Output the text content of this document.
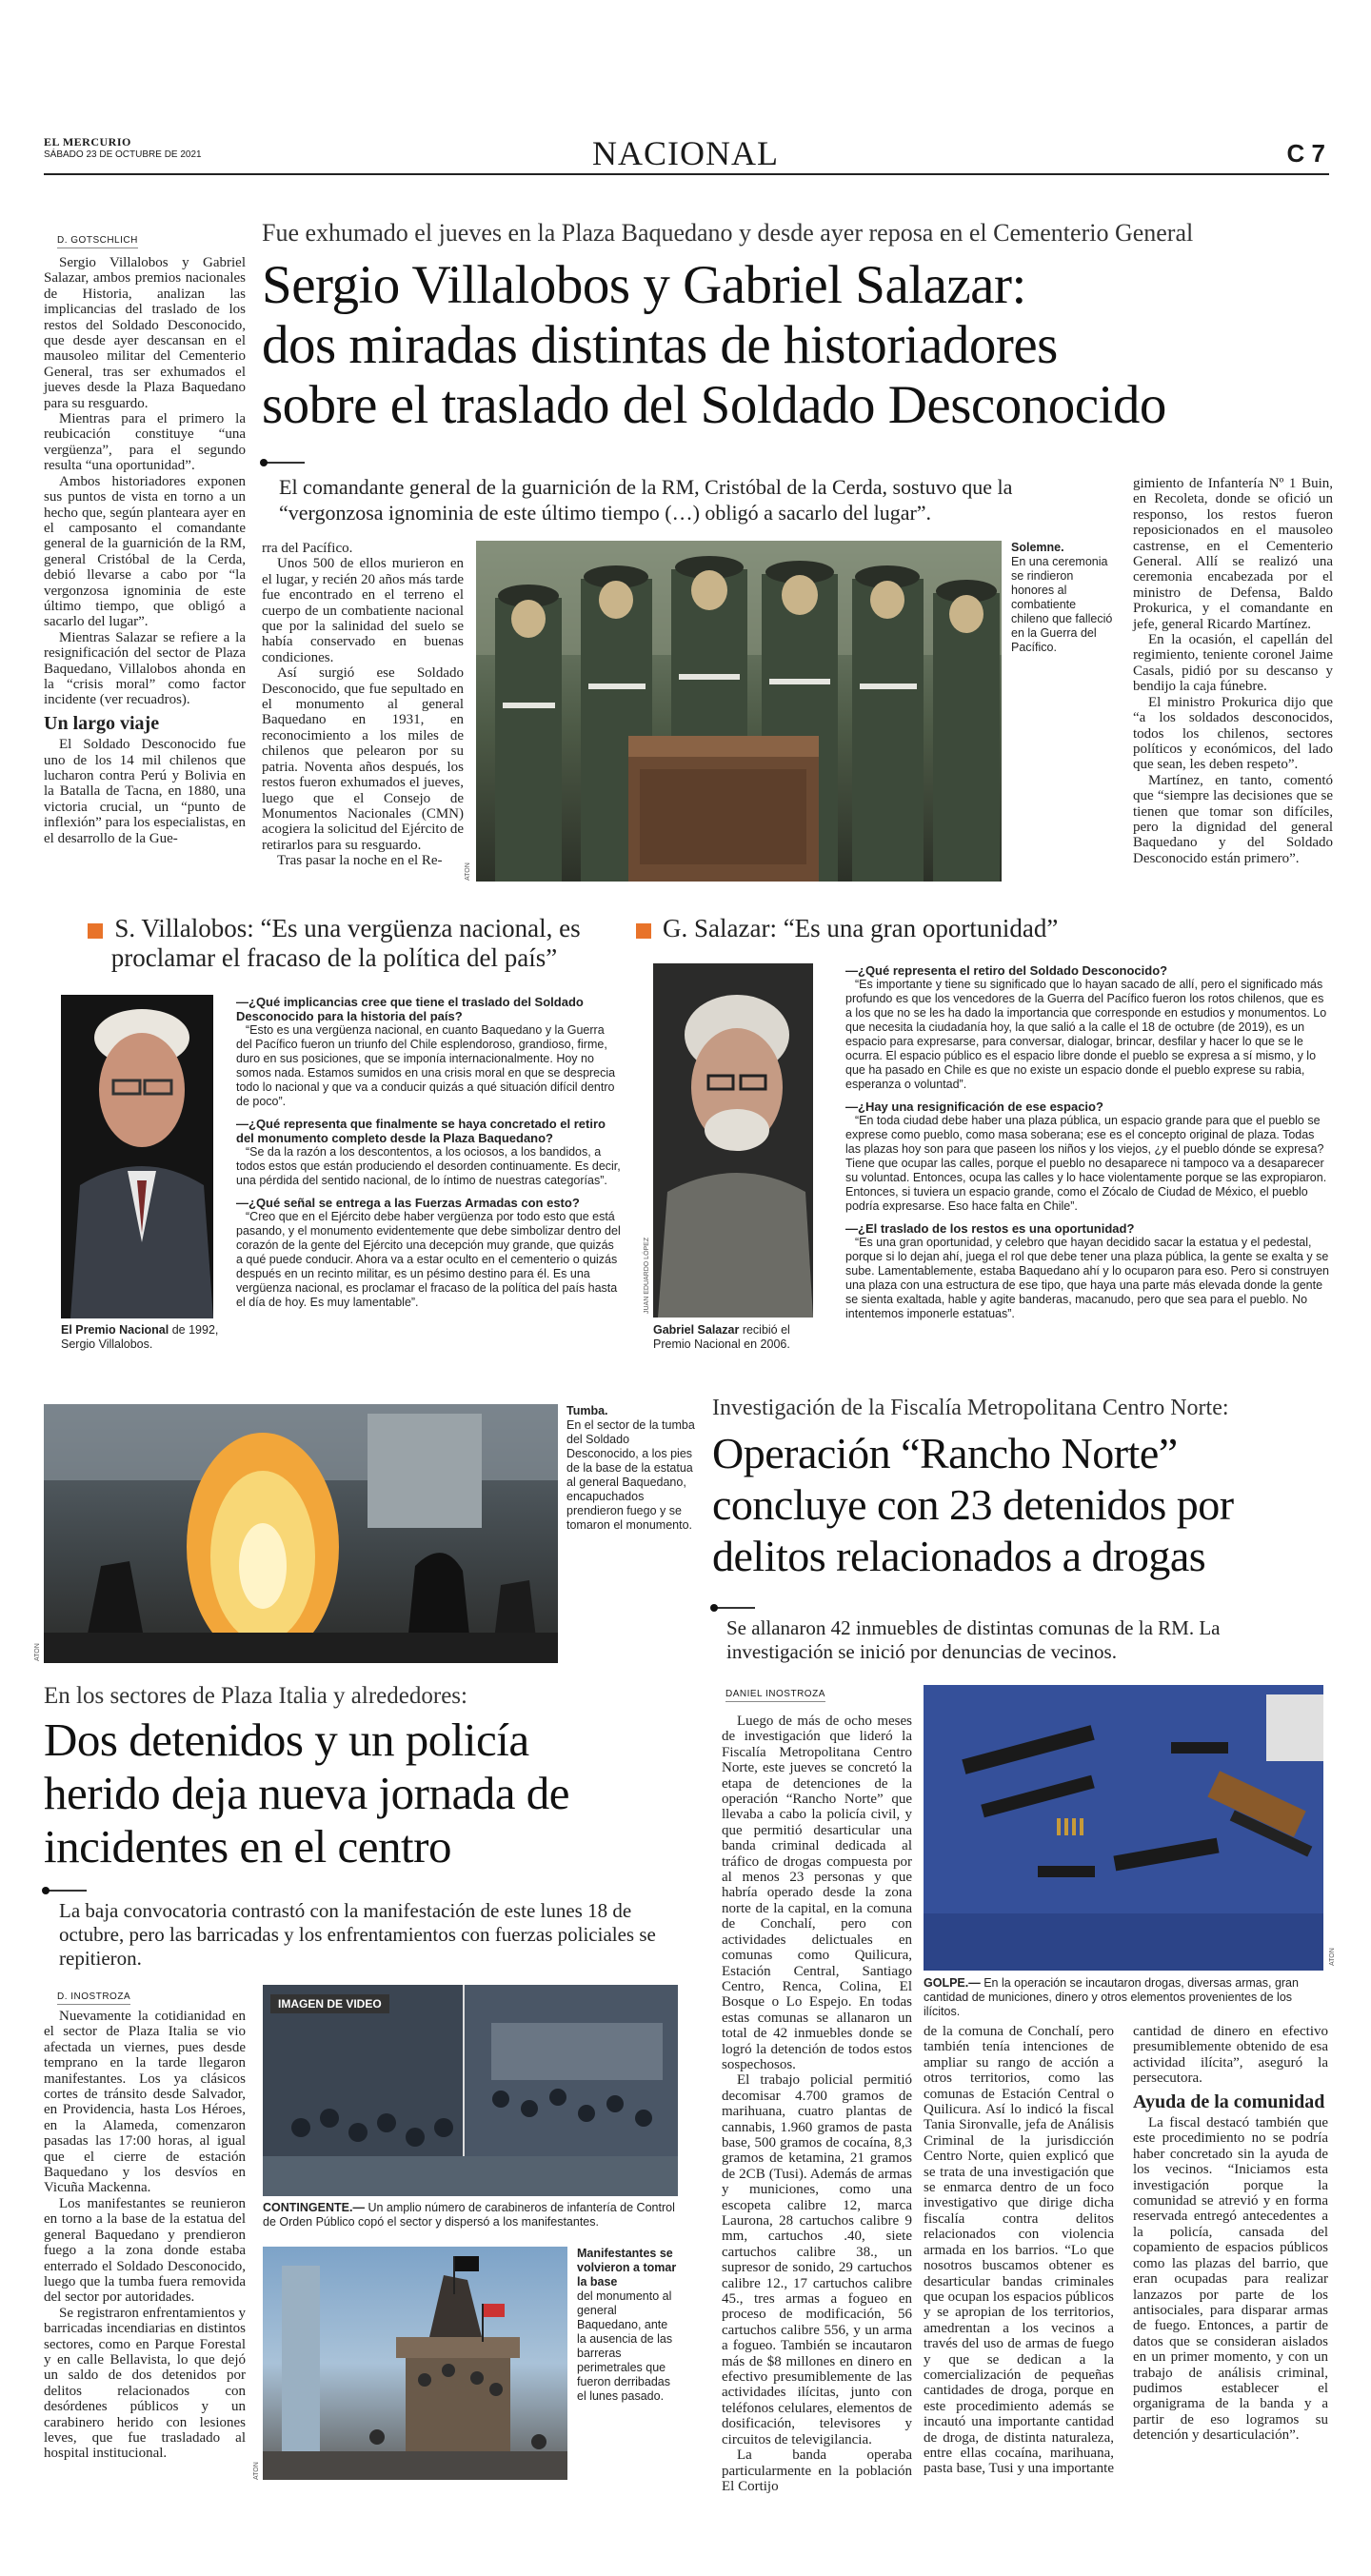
EL MERCURIO
SÁBADO 23 DE OCTUBRE DE 2021	NACIONAL	C 7
D. GOTSCHLICH

Sergio Villalobos y Gabriel Salazar, ambos premios nacionales de Historia, analizan las implicancias del traslado de los restos del Soldado Desconocido, que desde ayer descansan en el mausoleo militar del Cementerio General, tras ser exhumados el jueves desde la Plaza Baquedano para su resguardo.

Mientras para el primero la reubicación constituye “una vergüenza”, para el segundo resulta “una oportunidad”.

Ambos historiadores exponen sus puntos de vista en torno a un hecho que, según planteara ayer en el camposanto el comandante general de la guarnición de la RM, general Cristóbal de la Cerda, debió llevarse a cabo por “la vergonzosa ignominia de este último tiempo, que obligó a sacarlo del lugar”.

Mientras Salazar se refiere a la resignificación del sector de Plaza Baquedano, Villalobos ahonda en la “crisis moral” como factor incidente (ver recuadros).

Un largo viaje

El Soldado Desconocido fue uno de los 14 mil chilenos que lucharon contra Perú y Bolivia en la Batalla de Tacna, en 1880, una victoria crucial, un “punto de inflexión” para los especialistas, en el desarrollo de la Gue-

Fue exhumado el jueves en la Plaza Baquedano y desde ayer reposa en el Cementerio General
Sergio Villalobos y Gabriel Salazar:
dos miradas distintas de historiadores
sobre el traslado del Soldado Desconocido
El comandante general de la guarnición de la RM, Cristóbal de la Cerda, sostuvo que la “vergonzosa ignominia de este último tiempo (…) obligó a sacarlo del lugar”.

rra del Pacífico.

Unos 500 de ellos murieron en el lugar, y recién 20 años más tarde fue encontrado en el terreno el cuerpo de un combatiente nacional que por la salinidad del suelo se había conservado en buenas condiciones.

Así surgió ese Soldado Desconocido, que fue sepultado en el monumento al general Baquedano en 1931, en reconocimiento a los miles de chilenos que pelearon por su patria. Noventa años después, los restos fueron exhumados el jueves, luego que el Consejo de Monumentos Nacionales (CMN) acogiera la solicitud del Ejército de retirarlos para su resguardo.

Tras pasar la noche en el Re-

ATON
Solemne.
En una ceremonia se rindieron honores al combatiente chileno que falleció en la Guerra del Pacífico.

gimiento de Infantería Nº 1 Buin, en Recoleta, donde se ofició un responso, los restos fueron reposicionados en el mausoleo castrense, en el Cementerio General. Allí se realizó una ceremonia encabezada por el ministro de Defensa, Baldo Prokurica, y el comandante en jefe, general Ricardo Martínez.

En la ocasión, el capellán del regimiento, teniente coronel Jaime Casals, pidió por su descanso y bendijo la caja fúnebre.

El ministro Prokurica dijo que “a los soldados desconocidos, todos los chilenos, sectores políticos y económicos, del lado que sean, les deben respeto”.

Martínez, en tanto, comentó que “siempre las decisiones que se tienen que tomar son difíciles, pero la dignidad del general Baquedano y del Soldado Desconocido están primero”.

S. Villalobos: “Es una vergüenza nacional, es proclamar el fracaso de la política del país”
El Premio Nacional de 1992, Sergio Villalobos.
—¿Qué implicancias cree que tiene el traslado del Soldado Desconocido para la historia del país?
“Esto es una vergüenza nacional, en cuanto Baquedano y la Guerra del Pacífico fueron un triunfo del Chile esplendoroso, grandioso, firme, duro en sus posiciones, que se imponía internacionalmente. Hoy no somos nada. Estamos sumidos en una crisis moral en que se desprecia todo lo nacional y que va a conducir quizás a qué situación difícil dentro de poco”.
—¿Qué representa que finalmente se haya concretado el retiro del monumento completo desde la Plaza Baquedano?
“Se da la razón a los descontentos, a los ociosos, a los bandidos, a todos estos que están produciendo el desorden continuamente. Es decir, una pérdida del sentido nacional, de lo íntimo de nuestras categorías”.
—¿Qué señal se entrega a las Fuerzas Armadas con esto?
“Creo que en el Ejército debe haber vergüenza por todo esto que está pasando, y el monumento evidentemente que debe simbolizar dentro del corazón de la gente del Ejército una decepción muy grande, que quizás a qué puede conducir. Ahora va a estar oculto en el cementerio o quizás después en un recinto militar, es un pésimo destino para él. Es una vergüenza nacional, es proclamar el fracaso de la política del país hasta el día de hoy. Es muy lamentable”.
G. Salazar: “Es una gran oportunidad”
JUAN EDUARDO LÓPEZ
Gabriel Salazar recibió el Premio Nacional en 2006.
—¿Qué representa el retiro del Soldado Desconocido?
“Es importante y tiene su significado que lo hayan sacado de allí, pero el significado más profundo es que los vencedores de la Guerra del Pacífico fueron los rotos chilenos, que es a los que no se les ha dado la importancia que corresponde en estudios y monumentos. Lo que necesita la ciudadanía hoy, la que salió a la calle el 18 de octubre (de 2019), es un espacio para expresarse, para conversar, dialogar, brincar, desfilar y hacer lo que se le ocurra. El espacio público es el espacio libre donde el pueblo se expresa a sí mismo, y lo que ha pasado en Chile es que no existe un espacio donde el pueblo exprese su rabia, esperanza o voluntad”.
—¿Hay una resignificación de ese espacio?
“En toda ciudad debe haber una plaza pública, un espacio grande para que el pueblo se exprese como pueblo, como masa soberana; ese es el concepto original de plaza. Todas las plazas hoy son para que paseen los niños y los viejos, ¿y el pueblo dónde se expresa? Tiene que ocupar las calles, porque el pueblo no desaparece ni tampoco va a desaparecer su voluntad. Entonces, ocupa las calles y lo hace violentamente porque se las expropiaron. Entonces, si tuviera un espacio grande, como el Zócalo de Ciudad de México, el pueblo podría expresarse. Eso hace falta en Chile”.
—¿El traslado de los restos es una oportunidad?
“Es una gran oportunidad, y celebro que hayan decidido sacar la estatua y el pedestal, porque si lo dejan ahí, juega el rol que debe tener una plaza pública, la gente se exalta y se sube. Lamentablemente, estaba Baquedano ahí y lo ocuparon para eso. Pero si construyen una plaza con una estructura de ese tipo, que haya una parte más elevada donde la gente se sienta exaltada, hable y agite banderas, macanudo, pero que sea para el pueblo. No intentemos imponerle estatuas”.
ATON
Tumba.
En el sector de la tumba del Soldado Desconocido, a los pies de la base de la estatua al general Baquedano, encapuchados prendieron fuego y se tomaron el monumento.
En los sectores de Plaza Italia y alrededores:
Dos detenidos y un policía
herido deja nueva jornada de
incidentes en el centro
La baja convocatoria contrastó con la manifestación de este lunes 18 de octubre, pero las barricadas y los enfrentamientos con fuerzas policiales se repitieron.
D. INOSTROZA

Nuevamente la cotidianidad en el sector de Plaza Italia se vio afectada un viernes, pues desde temprano en la tarde llegaron manifestantes. Los ya clásicos cortes de tránsito desde Salvador, en Providencia, hasta Los Héroes, en la Alameda, comenzaron pasadas las 17:00 horas, al igual que el cierre de estación Baquedano y los desvíos en Vicuña Mackenna.

Los manifestantes se reunieron en torno a la base de la estatua del general Baquedano y prendieron fuego a la zona donde estaba enterrado el Soldado Desconocido, luego que la tumba fuera removida del sector por autoridades.

Se registraron enfrentamientos y barricadas incendiarias en distintos sectores, como en Parque Forestal y en calle Bellavista, lo que dejó un saldo de dos detenidos por delitos relacionados con desórdenes públicos y un carabinero herido con lesiones leves, que fue trasladado al hospital institucional.

IMAGEN DE VIDEO
CONTINGENTE.— Un amplio número de carabineros de infantería de Control de Orden Público copó el sector y dispersó a los manifestantes.
ATON
Manifestantes se volvieron a tomar la base
del monumento al general Baquedano, ante la ausencia de las barreras perimetrales que fueron derribadas el lunes pasado.
Investigación de la Fiscalía Metropolitana Centro Norte:
Operación “Rancho Norte”
concluye con 23 detenidos por
delitos relacionados a drogas
Se allanaron 42 inmuebles de distintas comunas de la RM. La investigación se inició por denuncias de vecinos.
DANIEL INOSTROZA

Luego de más de ocho meses de investigación que lideró la Fiscalía Metropolitana Centro Norte, este jueves se concretó la etapa de detenciones de la operación “Rancho Norte” que llevaba a cabo la policía civil, y que permitió desarticular una banda criminal dedicada al tráfico de drogas compuesta por al menos 23 personas y que habría operado desde la zona norte de la capital, en la comuna de Conchalí, pero con actividades delictuales en comunas como Quilicura, Estación Central, Santiago Centro, Renca, Colina, El Bosque o Lo Espejo. En todas estas comunas se allanaron un total de 42 inmuebles donde se logró la detención de todos estos sospechosos.

El trabajo policial permitió decomisar 4.700 gramos de marihuana, cuatro plantas de cannabis, 1.960 gramos de pasta base, 500 gramos de cocaína, 8,3 gramos de ketamina, 21 gramos de 2CB (Tusi). Además de armas y municiones, como una escopeta calibre 12, marca Laurona, 28 cartuchos calibre 9 mm, cartuchos .40, siete cartuchos calibre 38., un supresor de sonido, 29 cartuchos calibre 12., 17 cartuchos calibre 45., tres armas a fogueo en proceso de modificación, 56 cartuchos calibre 556, y un arma a fogueo. También se incautaron más de $8 millones en dinero en efectivo presumiblemente de las actividades ilícitas, junto con teléfonos celulares, elementos de dosificación, televisores y circuitos de televigilancia.

La banda operaba particularmente en la población El Cortijo

ATON
GOLPE.— En la operación se incautaron drogas, diversas armas, gran cantidad de municiones, dinero y otros elementos provenientes de los ilícitos.

de la comuna de Conchalí, pero también tenía intenciones de ampliar su rango de acción a otros territorios, como las comunas de Estación Central o Quilicura. Así lo indicó la fiscal Tania Sironvalle, jefa de Análisis Criminal de la jurisdicción Centro Norte, quien explicó que se trata de una investigación que se enmarca dentro de un foco investigativo que dirige dicha fiscalía contra delitos relacionados con violencia armada en los barrios. “Lo que nosotros buscamos obtener es desarticular bandas criminales que ocupan los espacios públicos y se apropian de los territorios, amedrentan a los vecinos a través del uso de armas de fuego y que se dedican a la comercialización de pequeñas cantidades de droga, porque en este procedimiento además se incautó una importante cantidad de droga, de distinta naturaleza, entre ellas cocaína, marihuana, pasta base, Tusi y una importante

cantidad de dinero en efectivo presumiblemente obtenido de esa actividad ilícita”, aseguró la persecutora.

Ayuda de la comunidad

La fiscal destacó también que este procedimiento no se podría haber concretado sin la ayuda de los vecinos. “Iniciamos esta investigación porque la comunidad se atrevió y en forma reservada entregó antecedentes a la policía, cansada del copamiento de espacios públicos como las plazas del barrio, que eran ocupadas para realizar lanzazos por parte de los antisociales, para disparar armas de fuego. Entonces, a partir de datos que se consideran aislados en un primer momento, y con un trabajo de análisis criminal, pudimos establecer el organigrama de la banda y a partir de eso logramos su detención y desarticulación”.
